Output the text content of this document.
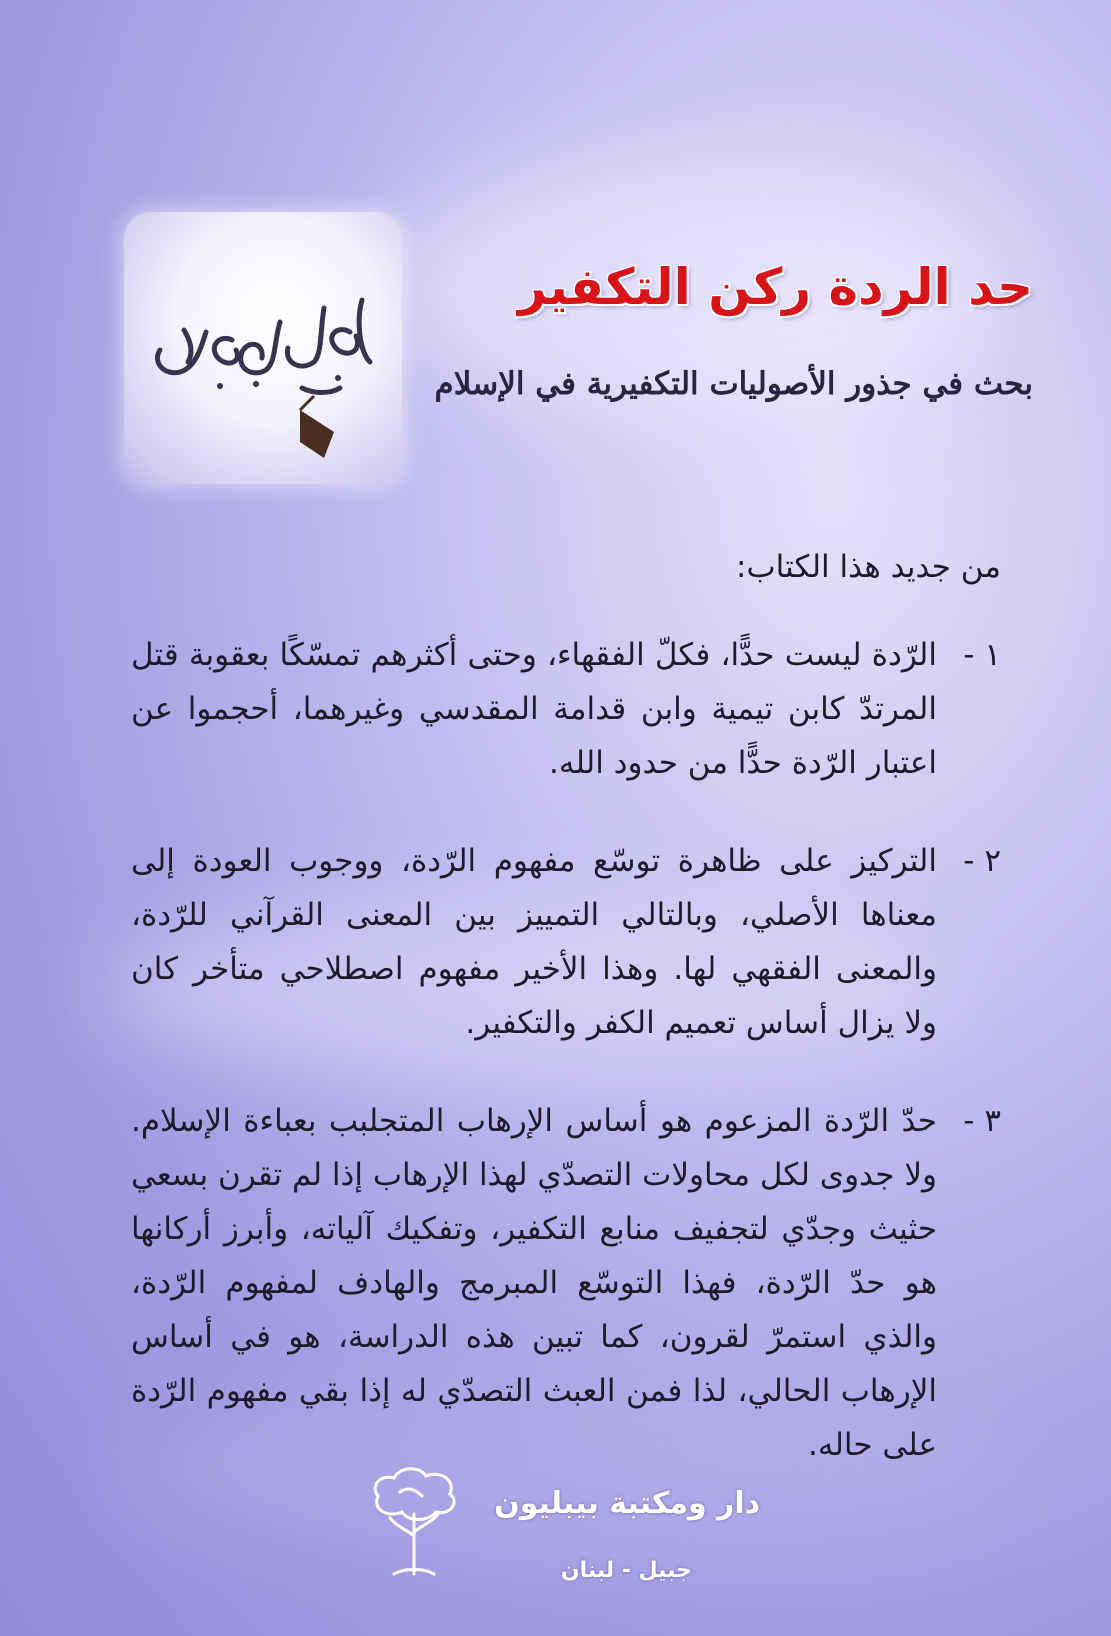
حد الردة ركن التكفير
بحث في جذور الأصوليات التكفيرية في الإسلام

من جديد هذا الكتاب:

١ -
الرّدة ليست حدًّا، فكلّ الفقهاء، وحتى أكثرهم تمسّكًا بعقوبة قتل المرتدّ كابن تيمية وابن قدامة المقدسي وغيرهما، أحجموا عن اعتبار الرّدة حدًّا من حدود الله.
٢ -
التركيز على ظاهرة توسّع مفهوم الرّدة، ووجوب العودة إلى معناها الأصلي، وبالتالي التمييز بين المعنى القرآني للرّدة، والمعنى الفقهي لها. وهذا الأخير مفهوم اصطلاحي متأخر كان ولا يزال أساس تعميم الكفر والتكفير.
٣ -
حدّ الرّدة المزعوم هو أساس الإرهاب المتجلبب بعباءة الإسلام. ولا جدوى لكل محاولات التصدّي لهذا الإرهاب إذا لم تقرن بسعي حثيث وجدّي لتجفيف منابع التكفير، وتفكيك آلياته، وأبرز أركانها هو حدّ الرّدة، فهذا التوسّع المبرمج والهادف لمفهوم الرّدة، والذي استمرّ لقرون، كما تبين هذه الدراسة، هو في أساس الإرهاب الحالي، لذا فمن العبث التصدّي له إذا بقي مفهوم الرّدة على حاله.

دار ومكتبة بيبليون

جبيل - لبنان
